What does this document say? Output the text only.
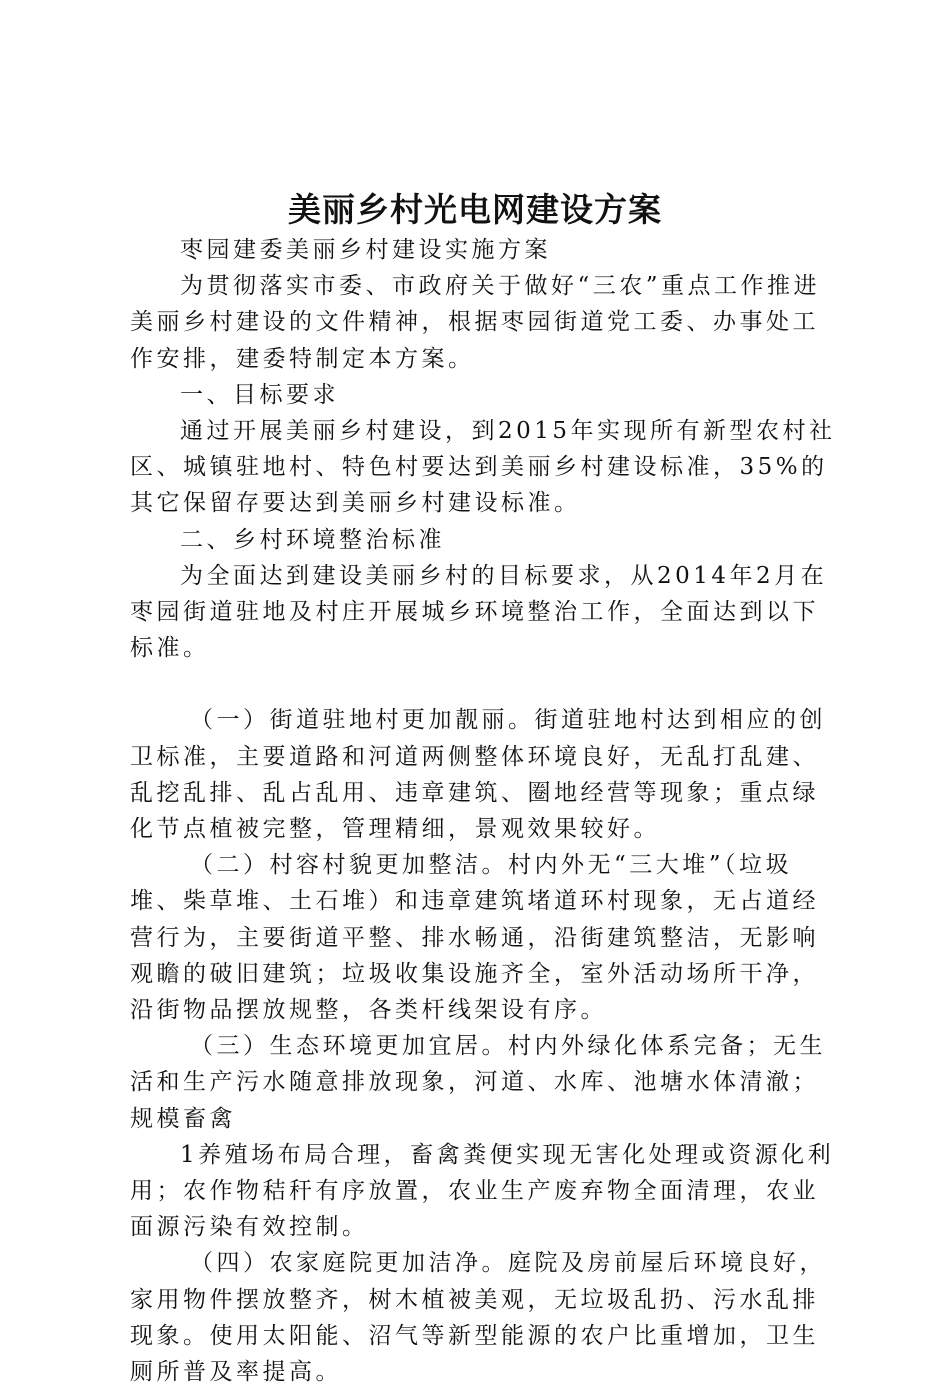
美丽乡村光电网建设方案

枣园建委美丽乡村建设实施方案

为贯彻落实市委、市政府关于做好“三农”重点工作推进美丽乡村建设的文件精神，根据枣园街道党工委、办事处工作安排，建委特制定本方案。

一、目标要求

通过开展美丽乡村建设，到2015年实现所有新型农村社区、城镇驻地村、特色村要达到美丽乡村建设标准，35%的其它保留存要达到美丽乡村建设标准。

二、乡村环境整治标准

为全面达到建设美丽乡村的目标要求，从2014年2月在枣园街道驻地及村庄开展城乡环境整治工作，全面达到以下标准。

（一）街道驻地村更加靓丽。街道驻地村达到相应的创卫标准，主要道路和河道两侧整体环境良好，无乱打乱建、乱挖乱排、乱占乱用、违章建筑、圈地经营等现象；重点绿化节点植被完整，管理精细，景观效果较好。

（二）村容村貌更加整洁。村内外无“三大堆”（垃圾堆、柴草堆、土石堆）和违章建筑堵道环村现象，无占道经营行为，主要街道平整、排水畅通，沿街建筑整洁，无影响观瞻的破旧建筑；垃圾收集设施齐全，室外活动场所干净，沿街物品摆放规整，各类杆线架设有序。

（三）生态环境更加宜居。村内外绿化体系完备；无生活和生产污水随意排放现象，河道、水库、池塘水体清澈；规模畜禽

1养殖场布局合理，畜禽粪便实现无害化处理或资源化利用；农作物秸秆有序放置，农业生产废弃物全面清理，农业面源污染有效控制。

（四）农家庭院更加洁净。庭院及房前屋后环境良好，家用物件摆放整齐，树木植被美观，无垃圾乱扔、污水乱排现象。使用太阳能、沼气等新型能源的农户比重增加，卫生厕所普及率提高。
